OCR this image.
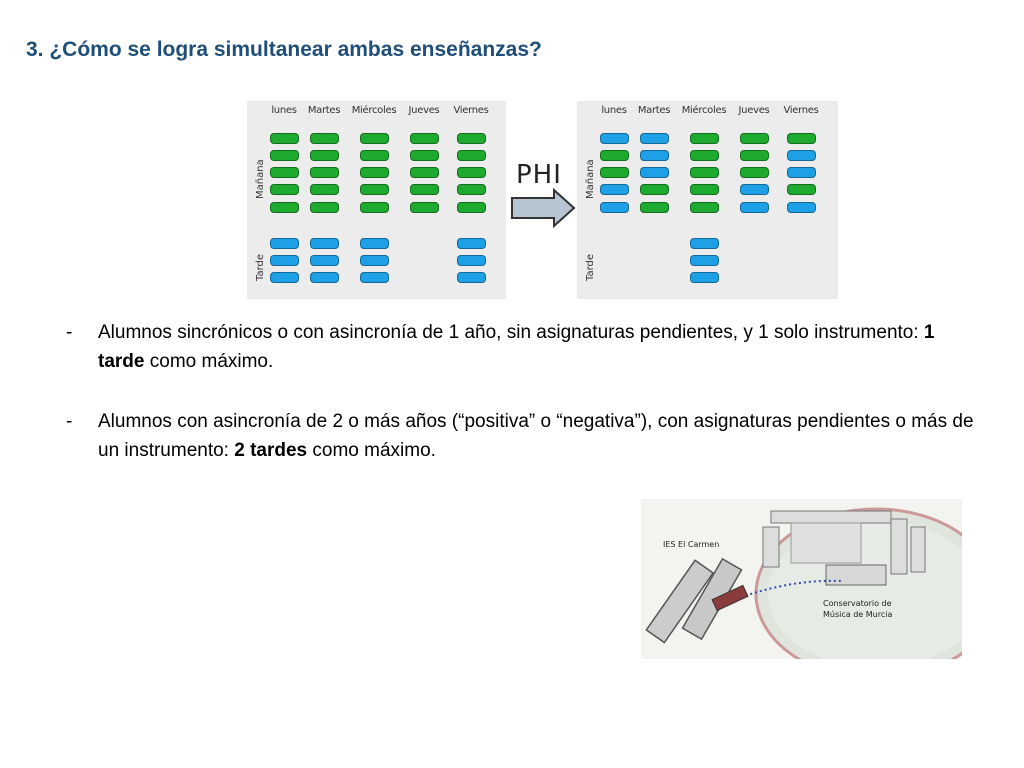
3. ¿Cómo se logra simultanear ambas enseñanzas?
lunes	Martes	Miércoles	Jueves	Viernes
Mañana
Tarde
lunes	Martes	Miércoles	Jueves	Viernes
Mañana
Tarde
PHI
-	Alumnos sincrónicos o con asincronía de 1 año, sin asignaturas pendientes, y 1 solo instrumento: 1 tarde como máximo.
-	Alumnos con asincronía de 2 o más años (“positiva” o “negativa”), con asignaturas pendientes o más de un instrumento: 2 tardes como máximo.
IES El Carmen
Conservatorio de
Música de Murcia
